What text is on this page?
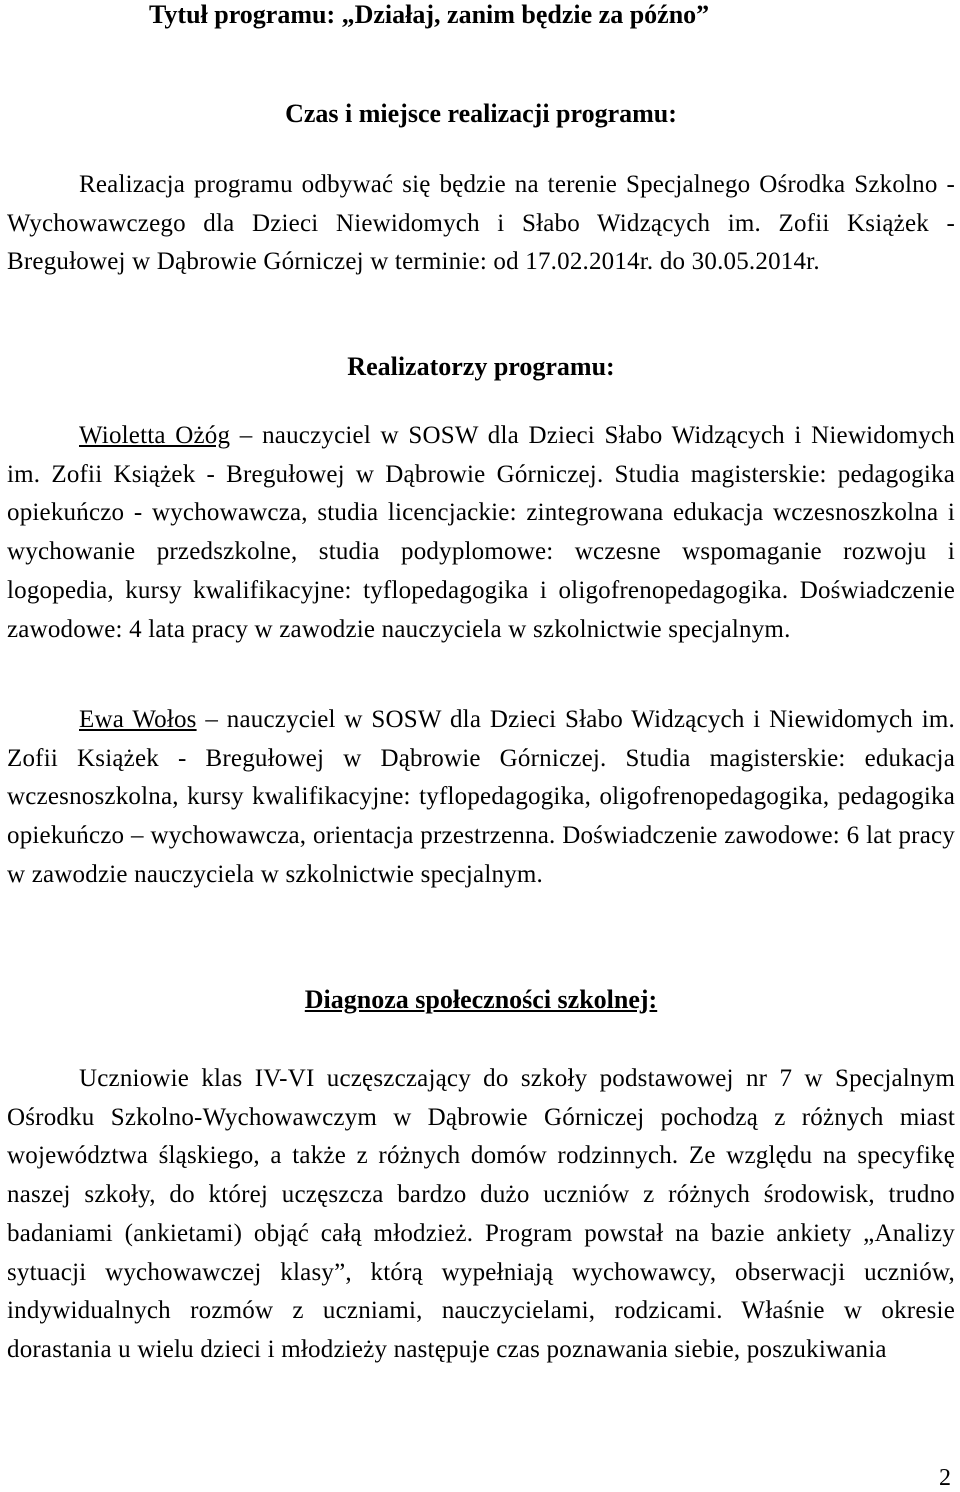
Tytuł programu: „Działaj, zanim będzie za późno”
Czas i miejsce realizacji programu:

Realizacja programu odbywać się będzie na terenie Specjalnego Ośrodka Szkolno - Wychowawczego dla Dzieci Niewidomych i Słabo Widzących im. Zofii Książek - Bregułowej w Dąbrowie Górniczej w terminie: od 17.02.2014r. do 30.05.2014r.

Realizatorzy programu:

Wioletta Ożóg – nauczyciel w SOSW dla Dzieci Słabo Widzących i Niewidomych im. Zofii Książek - Bregułowej w Dąbrowie Górniczej. Studia magisterskie: pedagogika opiekuńczo - wychowawcza, studia licencjackie: zintegrowana edukacja wczesnoszkolna i wychowanie przedszkolne, studia podyplomowe: wczesne wspomaganie rozwoju i logopedia, kursy kwalifikacyjne: tyflopedagogika i oligofrenopedagogika. Doświadczenie zawodowe: 4 lata pracy w zawodzie nauczyciela w szkolnictwie specjalnym.

Ewa Wołos – nauczyciel w SOSW dla Dzieci Słabo Widzących i Niewidomych im. Zofii Książek - Bregułowej w Dąbrowie Górniczej. Studia magisterskie: edukacja wczesnoszkolna, kursy kwalifikacyjne: tyflopedagogika, oligofrenopedagogika, pedagogika opiekuńczo – wychowawcza, orientacja przestrzenna. Doświadczenie zawodowe: 6 lat pracy w zawodzie nauczyciela w szkolnictwie specjalnym.

Diagnoza społeczności szkolnej:

Uczniowie klas IV-VI uczęszczający do szkoły podstawowej nr 7 w Specjalnym Ośrodku Szkolno-Wychowawczym w Dąbrowie Górniczej pochodzą z różnych miast województwa śląskiego, a także z różnych domów rodzinnych. Ze względu na specyfikę naszej szkoły, do której uczęszcza bardzo dużo uczniów z różnych środowisk, trudno badaniami (ankietami) objąć całą młodzież. Program powstał na bazie ankiety „Analizy sytuacji wychowawczej klasy”, którą wypełniają wychowawcy, obserwacji uczniów, indywidualnych rozmów z uczniami, nauczycielami, rodzicami. Właśnie w okresie dorastania u wielu dzieci i młodzieży następuje czas poznawania siebie, poszukiwania

2
